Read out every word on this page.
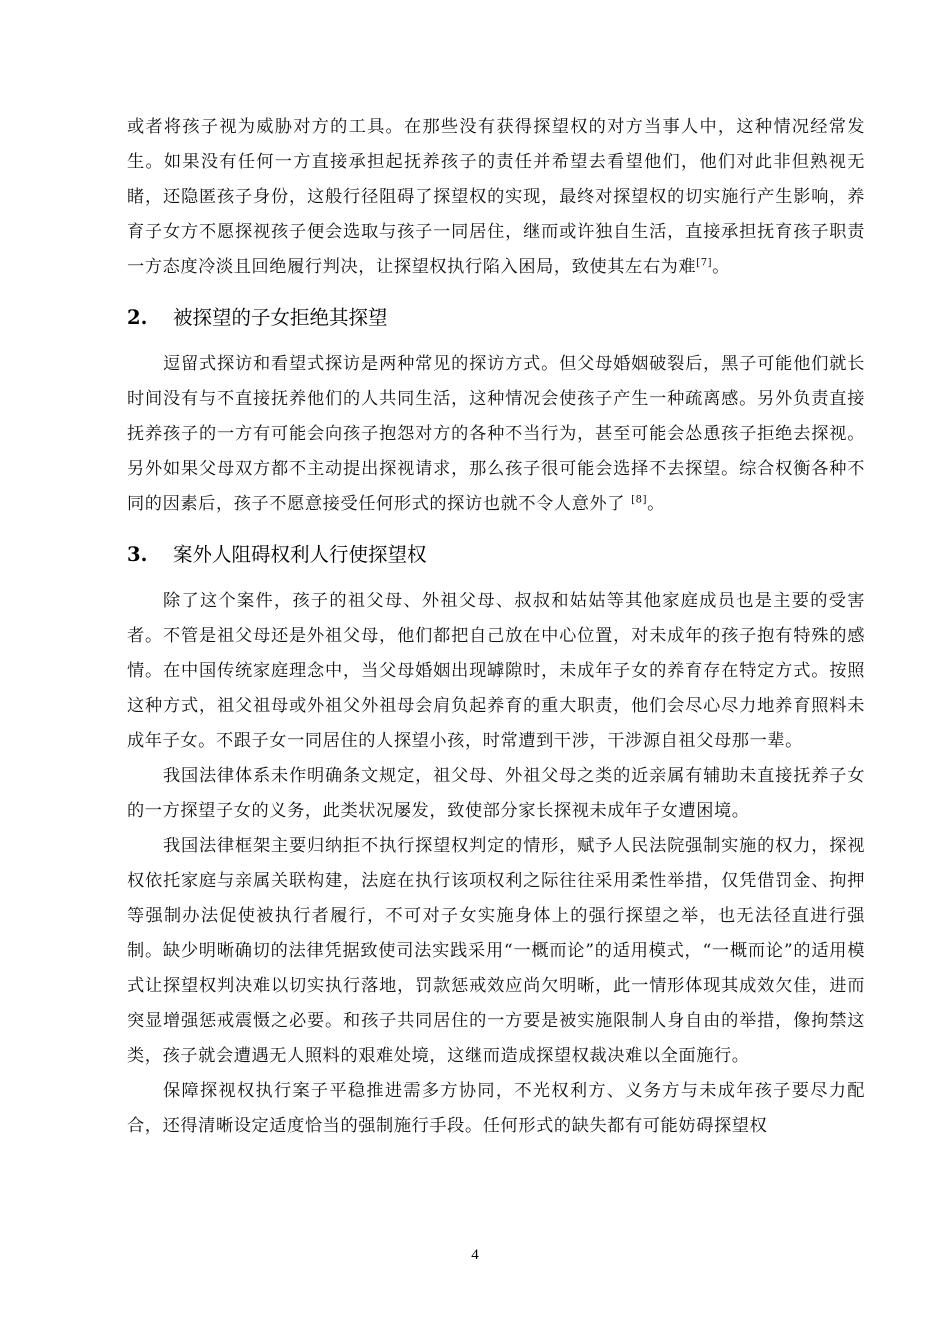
或者将孩子视为威胁对方的工具。在那些没有获得探望权的对方当事人中，这种情况经常发生。如果没有任何一方直接承担起抚养孩子的责任并希望去看望他们，他们对此非但熟视无睹，还隐匿孩子身份，这般行径阻碍了探望权的实现，最终对探望权的切实施行产生影响，养育子女方不愿探视孩子便会选取与孩子一同居住，继而或许独自生活，直接承担抚育孩子职责一方态度冷淡且回绝履行判决，让探望权执行陷入困局，致使其左右为难[7]。

2.	被探望的子女拒绝其探望

逗留式探访和看望式探访是两种常见的探访方式。但父母婚姻破裂后，黑子可能他们就长时间没有与不直接抚养他们的人共同生活，这种情况会使孩子产生一种疏离感。另外负责直接抚养孩子的一方有可能会向孩子抱怨对方的各种不当行为，甚至可能会怂恿孩子拒绝去探视。另外如果父母双方都不主动提出探视请求，那么孩子很可能会选择不去探望。综合权衡各种不同的因素后，孩子不愿意接受任何形式的探访也就不令人意外了 [8]。

3.	案外人阻碍权利人行使探望权

除了这个案件，孩子的祖父母、外祖父母、叔叔和姑姑等其他家庭成员也是主要的受害者。不管是祖父母还是外祖父母，他们都把自己放在中心位置，对未成年的孩子抱有特殊的感情。在中国传统家庭理念中，当父母婚姻出现罅隙时，未成年子女的养育存在特定方式。按照这种方式，祖父祖母或外祖父外祖母会肩负起养育的重大职责，他们会尽心尽力地养育照料未成年子女。不跟子女一同居住的人探望小孩，时常遭到干涉，干涉源自祖父母那一辈。

我国法律体系未作明确条文规定，祖父母、外祖父母之类的近亲属有辅助未直接抚养子女的一方探望子女的义务，此类状况屡发，致使部分家长探视未成年子女遭困境。

我国法律框架主要归纳拒不执行探望权判定的情形，赋予人民法院强制实施的权力，探视权依托家庭与亲属关联构建，法庭在执行该项权利之际往往采用柔性举措，仅凭借罚金、拘押等强制办法促使被执行者履行，不可对子女实施身体上的强行探望之举，也无法径直进行强制。缺少明晰确切的法律凭据致使司法实践采用“一概而论”的适用模式，“一概而论”的适用模式让探望权判决难以切实执行落地，罚款惩戒效应尚欠明晰，此一情形体现其成效欠佳，进而突显增强惩戒震慑之必要。和孩子共同居住的一方要是被实施限制人身自由的举措，像拘禁这类，孩子就会遭遇无人照料的艰难处境，这继而造成探望权裁决难以全面施行。

保障探视权执行案子平稳推进需多方协同，不光权利方、义务方与未成年孩子要尽力配合，还得清晰设定适度恰当的强制施行手段。任何形式的缺失都有可能妨碍探望权

4
